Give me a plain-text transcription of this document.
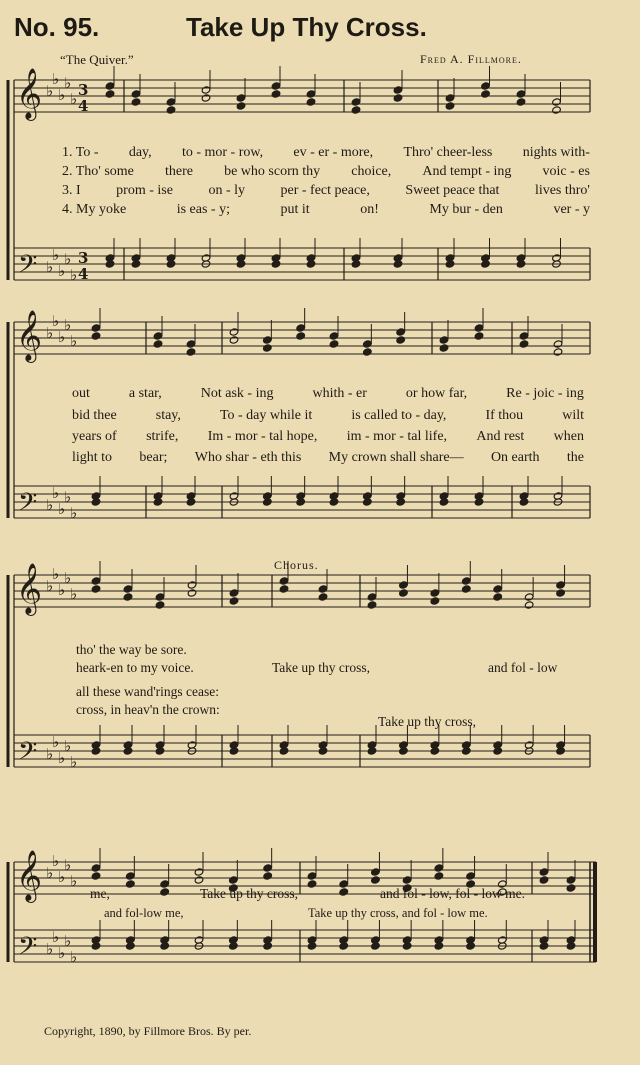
No. 95.	Take Up Thy Cross.
“The Quiver.”	Fred A. Fillmore.
𝄞
𝄢
♭
♭
♭
♭
♭
♭
♭
♭
♭
♭
3
4
3
4
𝄞
𝄢
♭
♭
♭
♭
♭
♭
♭
♭
♭
♭
𝄞
𝄢
♭
♭
♭
♭
♭
♭
♭
♭
♭
♭
𝄞
𝄢
♭
♭
♭
♭
♭
♭
♭
♭
♭
♭
1. To - day, to - mor - row, ev - er - more, Thro' cheer-less nights with-
2. Tho' some there be who scorn thy choice, And tempt - ing voic - es
3. I	prom - ise	on - ly	per - fect peace,	Sweet peace that	lives thro'
4. My yoke	is eas - y;	put it	on!	My bur - den	ver - y
out	a star,	Not ask - ing	whith - er	or how far,	Re - joic - ing
bid thee	stay,	To - day while it	is called to - day,	If thou	wilt
years of strife, Im - mor - tal hope, im - mor - tal life, And rest when
light to bear; Who shar - eth this My crown shall share— On earth the
Chorus.
tho' the way be sore.
heark-en to my voice.	Take up thy cross,	and fol - low
all these wand'rings cease:
cross, in heav'n the crown:
Take up thy cross,
me,	Take up thy cross,	and fol - low, fol - low me.
and fol-low me,	Take up thy cross, and fol - low me.
Copyright, 1890, by Fillmore Bros. By per.
